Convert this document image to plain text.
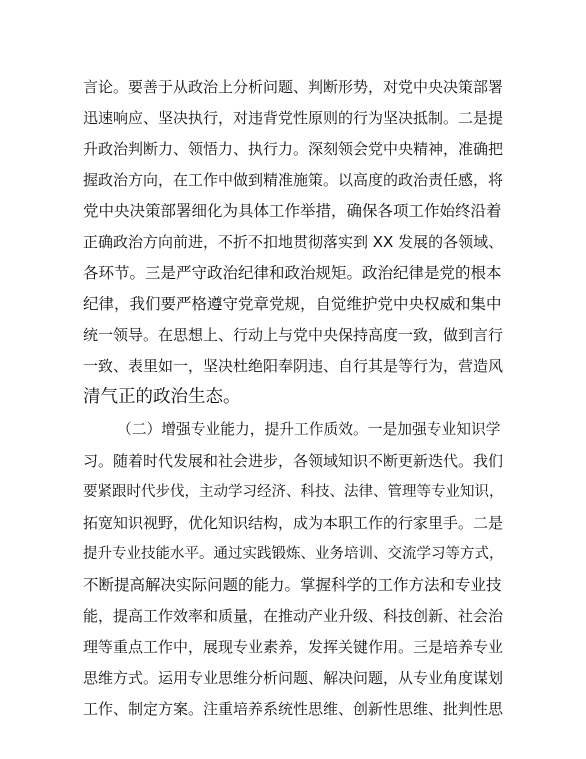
言论。要善于从政治上分析问题、判断形势，对党中央决策部署

迅速响应、坚决执行，对违背党性原则的行为坚决抵制。二是提

升政治判断力、领悟力、执行力。深刻领会党中央精神，准确把

握政治方向，在工作中做到精准施策。以高度的政治责任感，将

党中央决策部署细化为具体工作举措，确保各项工作始终沿着

正确政治方向前进，不折不扣地贯彻落实到 XX 发展的各领域、

各环节。三是严守政治纪律和政治规矩。政治纪律是党的根本

纪律，我们要严格遵守党章党规，自觉维护党中央权威和集中

统一领导。在思想上、行动上与党中央保持高度一致，做到言行

一致、表里如一，坚决杜绝阳奉阴违、自行其是等行为，营造风

清气正的政治生态。

（二）增强专业能力，提升工作质效。一是加强专业知识学

习。随着时代发展和社会进步，各领域知识不断更新迭代。我们

要紧跟时代步伐，主动学习经济、科技、法律、管理等专业知识，

拓宽知识视野，优化知识结构，成为本职工作的行家里手。二是

提升专业技能水平。通过实践锻炼、业务培训、交流学习等方式，

不断提高解决实际问题的能力。掌握科学的工作方法和专业技

能，提高工作效率和质量，在推动产业升级、科技创新、社会治

理等重点工作中，展现专业素养，发挥关键作用。三是培养专业

思维方式。运用专业思维分析问题、解决问题，从专业角度谋划

工作、制定方案。注重培养系统性思维、创新性思维、批判性思
